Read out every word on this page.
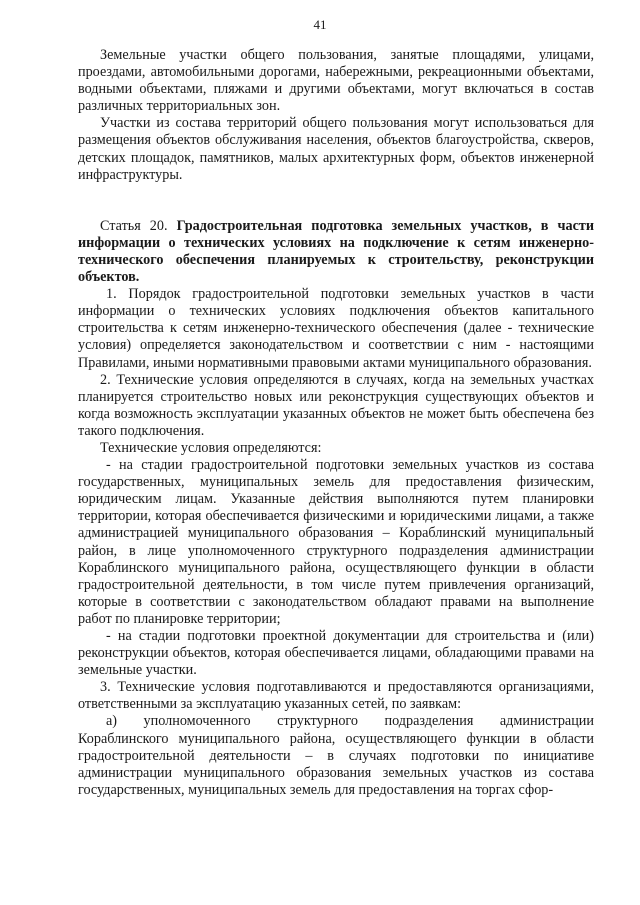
41

Земельные участки общего пользования, занятые площадями, улицами, проездами, автомобильными дорогами, набережными, рекреационными объектами, водными объектами, пляжами и другими объектами, могут включаться в состав различных территориальных зон.

Участки из состава территорий общего пользования могут использоваться для размещения объектов обслуживания населения, объектов благоустройства, скверов, детских площадок, памятников, малых архитектурных форм, объектов инженерной инфраструктуры.

Статья 20. Градостроительная подготовка земельных участков, в части информации о технических условиях на подключение к сетям инженерно-технического обеспечения планируемых к строительству, реконструкции объектов.

1. Порядок градостроительной подготовки земельных участков в части информации о технических условиях подключения объектов капитального строительства к сетям инженерно-технического обеспечения (далее - технические условия) определяется законодательством и соответствии с ним - настоящими Правилами, иными нормативными правовыми актами муниципального образования.

2. Технические условия определяются в случаях, когда на земельных участках планируется строительство новых или реконструкция существующих объектов и когда возможность эксплуатации указанных объектов не может быть обеспечена без такого подключения.

Технические условия определяются:

- на стадии градостроительной подготовки земельных участков из состава государственных, муниципальных земель для предоставления физическим, юридическим лицам. Указанные действия выполняются путем планировки территории, которая обеспечивается физическими и юридическими лицами, а также администрацией муниципального образования – Кораблинский муниципальный район, в лице уполномоченного структурного подразделения администрации Кораблинского муниципального района, осуществляющего функции в области градостроительной деятельности, в том числе путем привлечения организаций, которые в соответствии с законодательством обладают правами на выполнение работ по планировке территории;

- на стадии подготовки проектной документации для строительства и (или) реконструкции объектов, которая обеспечивается лицами, обладающими правами на земельные участки.

3. Технические условия подготавливаются и предоставляются организациями, ответственными за эксплуатацию указанных сетей, по заявкам:

а) уполномоченного структурного подразделения администрации Кораблинского муниципального района, осуществляющего функции в области градостроительной деятельности – в случаях подготовки по инициативе администрации муниципального образования земельных участков из состава государственных, муниципальных земель для предоставления на торгах сфор-
